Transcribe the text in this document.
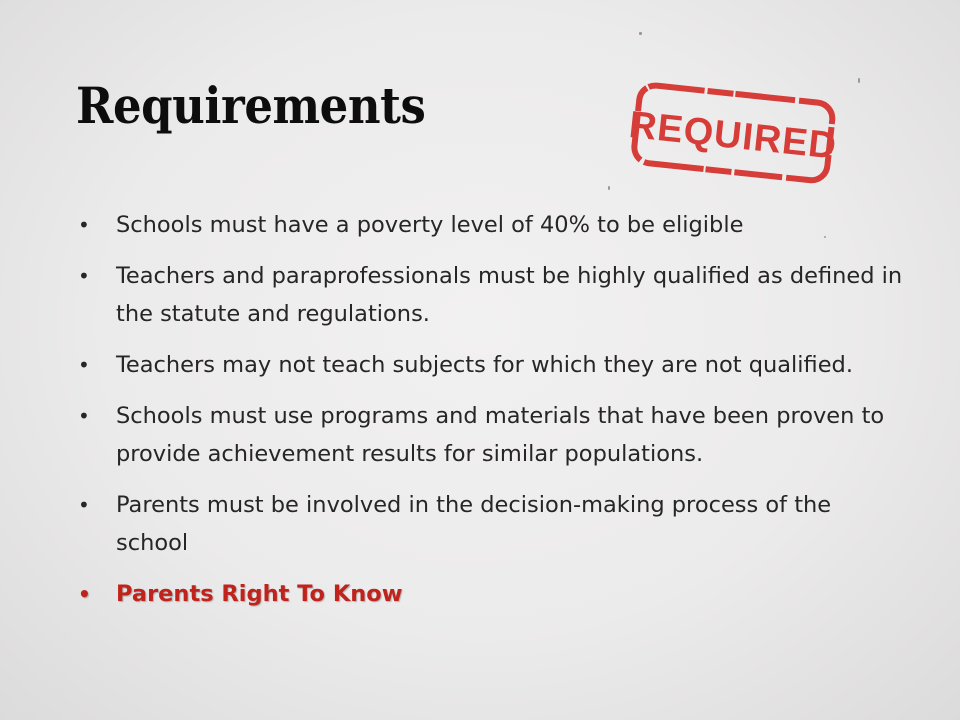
Requirements	REQUIRED
•	Schools must have a poverty level of 40% to be eligible
•	Teachers and paraprofessionals must be highly qualified as defined in the statute and regulations.
•	Teachers may not teach subjects for which they are not qualified.
•	Schools must use programs and materials that have been proven to provide achievement results for similar populations.
•	Parents must be involved in the decision-making process of the school
•	Parents Right To Know
